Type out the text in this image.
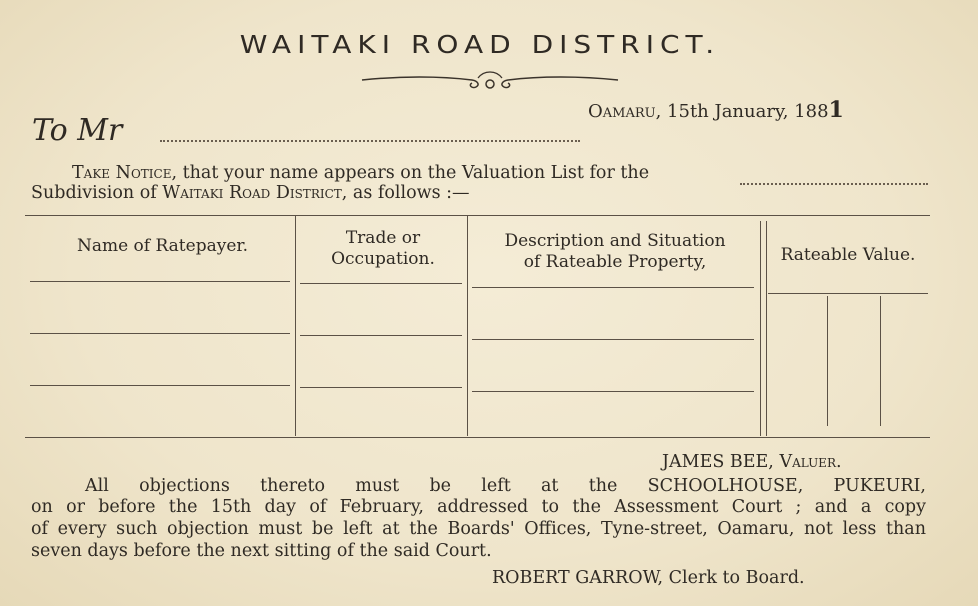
WAITAKI ROAD DISTRICT.
Oamaru, 15th January, 1881
To Mr
Take Notice, that your name appears on the Valuation List for the
Subdivision of Waitaki Road District, as follows :—
Name of Ratepayer.	Trade or
Occupation.
Description and Situation
of Rateable Property,	Rateable Value.
JAMES BEE, Valuer.
All objections thereto must be left at the SCHOOLHOUSE, PUKEURI,
on or before the 15th day of February, addressed to the Assessment Court ; and a copy
of every such objection must be left at the Boards' Offices, Tyne-street, Oamaru, not less than
seven days before the next sitting of the said Court.
ROBERT GARROW, Clerk to Board.
